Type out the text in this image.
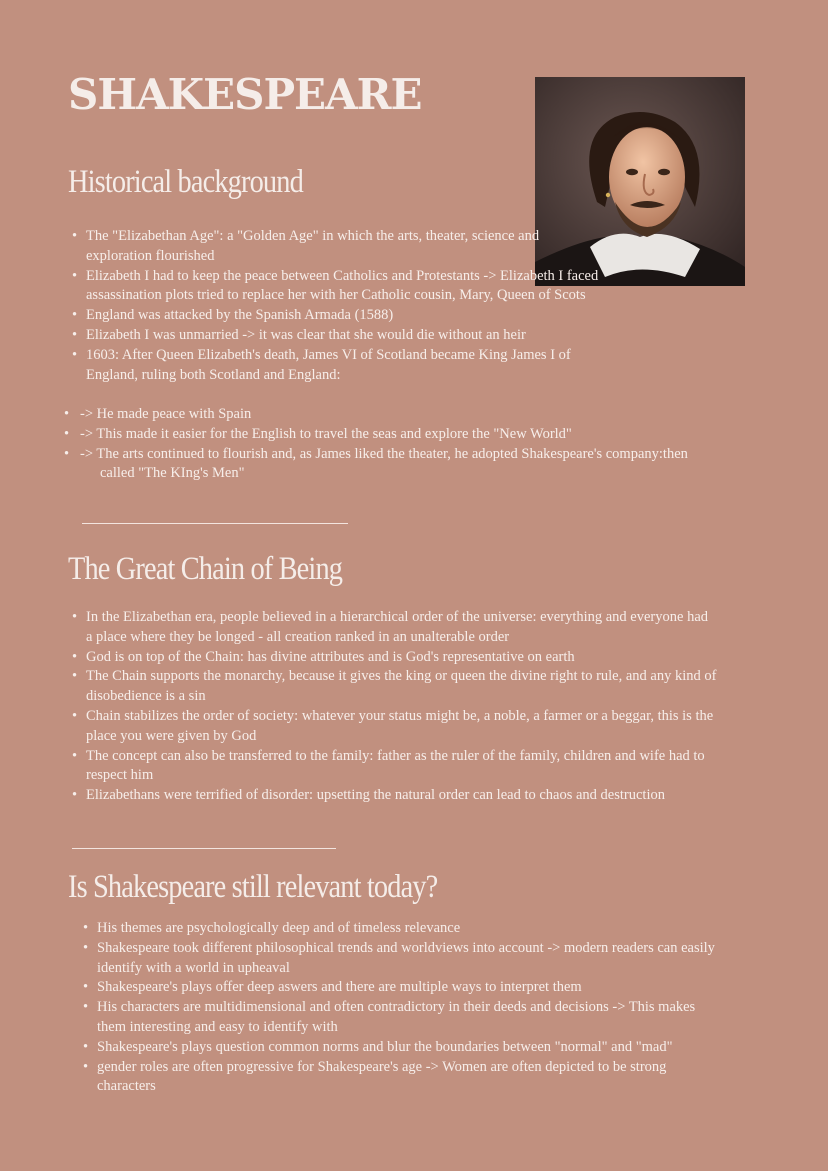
SHAKESPEARE
Historical background
• The "Elizabethan Age": a "Golden Age" in which the arts, theater, science and exploration flourished
• Elizabeth I had to keep the peace between Catholics and Protestants -> Elizabeth I faced assassination plots tried to replace her with her Catholic cousin, Mary, Queen of Scots
• England was attacked by the Spanish Armada (1588)
• Elizabeth I was unmarried -> it was clear that she would die without an heir
• 1603: After Queen Elizabeth's death, James VI of Scotland became King James I of England, ruling both Scotland and England:
• -> He made peace with Spain
• -> This made it easier for the English to travel the seas and explore the "New World"
• -> The arts continued to flourish and, as James liked the theater, he adopted Shakespeare's company:then called "The KIng's Men"
The Great Chain of Being
• In the Elizabethan era, people believed in a hierarchical order of the universe: everything and everyone had a place where they be longed - all creation ranked in an unalterable order
• God is on top of the Chain: has divine attributes and is God's representative on earth
• The Chain supports the monarchy, because it gives the king or queen the divine right to rule, and any kind of disobedience is a sin
• Chain stabilizes the order of society: whatever your status might be, a noble, a farmer or a beggar, this is the place you were given by God
• The concept can also be transferred to the family: father as the ruler of the family, children and wife had to respect him
• Elizabethans were terrified of disorder: upsetting the natural order can lead to chaos and destruction
Is Shakespeare still relevant today?
• His themes are psychologically deep and of timeless relevance
• Shakespeare took different philosophical trends and worldviews into account -> modern readers can easily identify with a world in upheaval
• Shakespeare's plays offer deep aswers and there are multiple ways to interpret them
• His characters are multidimensional and often contradictory in their deeds and decisions -> This makes them interesting and easy to identify with
• Shakespeare's plays question common norms and blur the boundaries between "normal" and "mad"
• gender roles are often progressive for Shakespeare's age -> Women are often depicted to be strong characters
